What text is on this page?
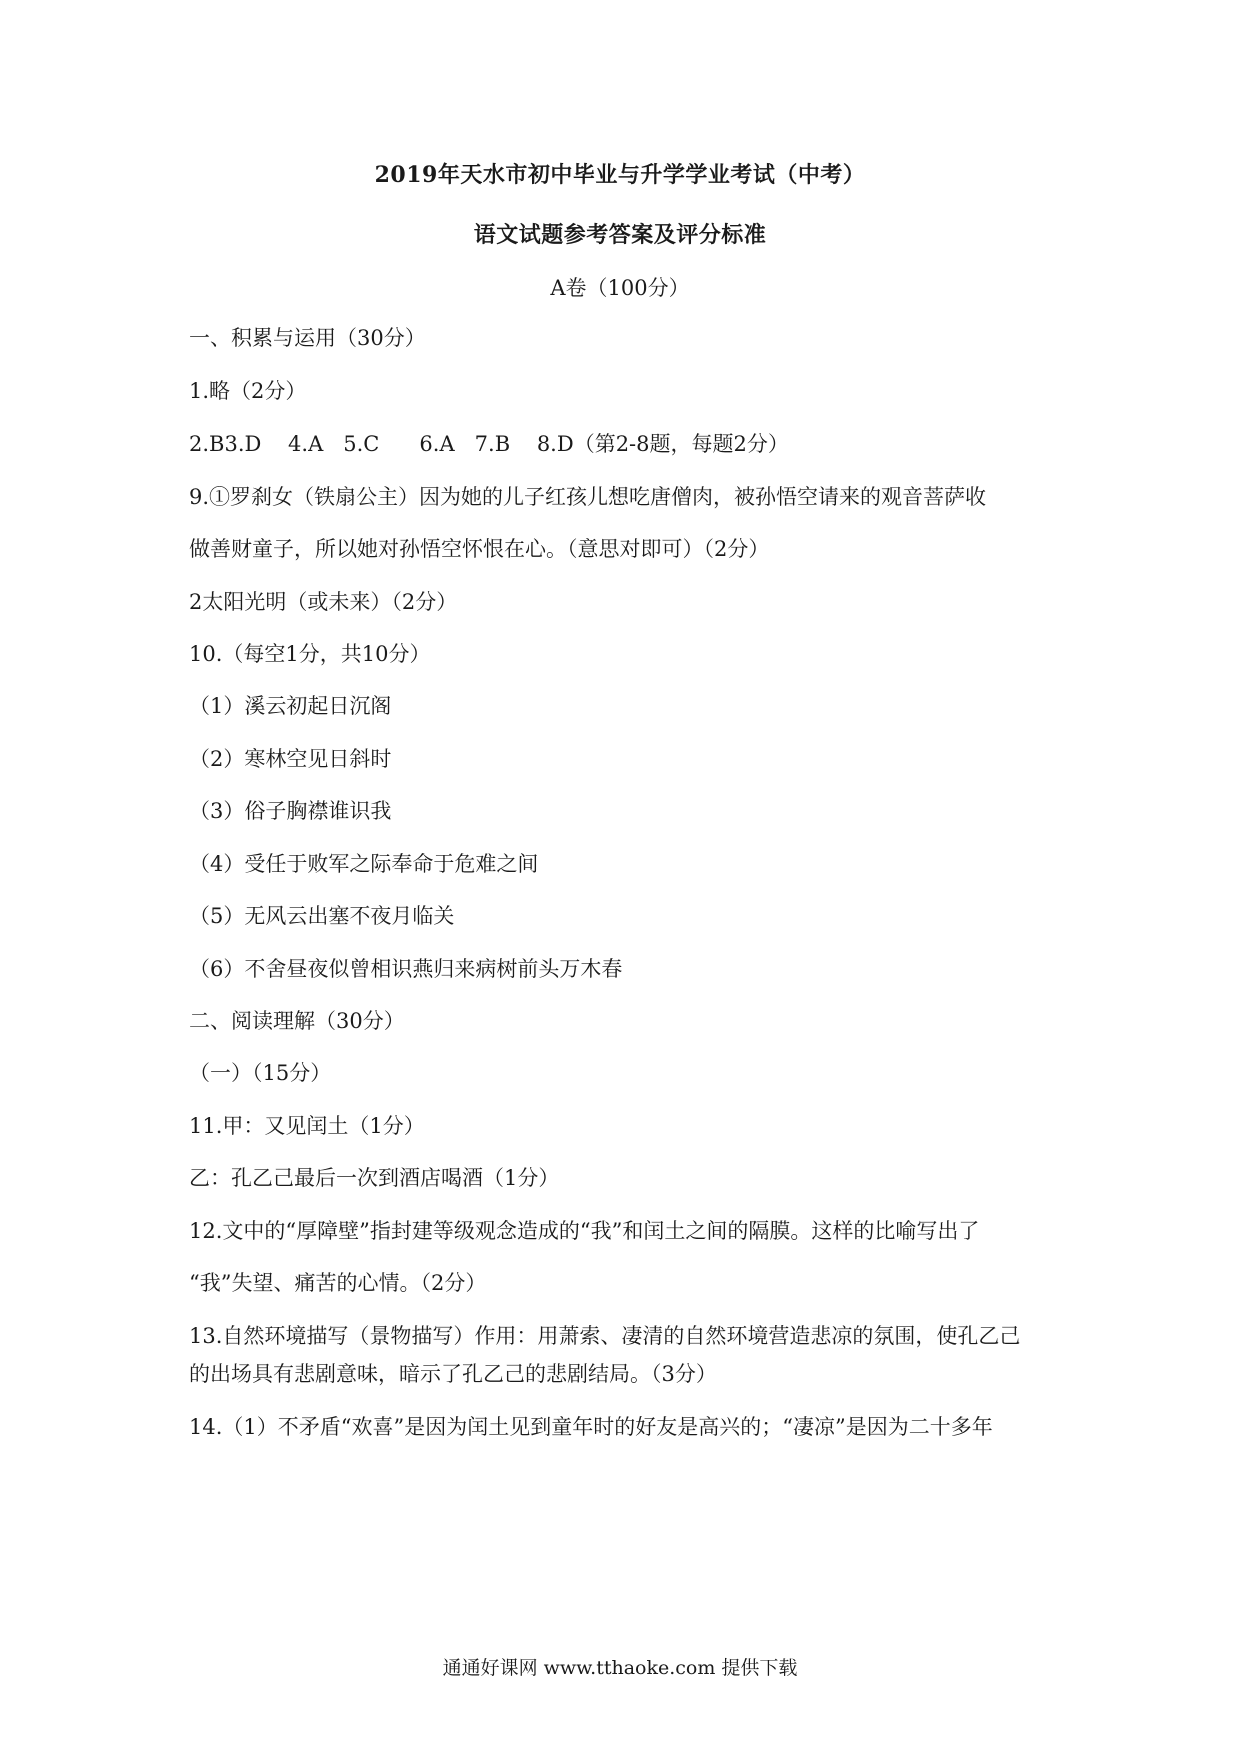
2019年天水市初中毕业与升学学业考试（中考）
语文试题参考答案及评分标准
A卷（100分）
一、积累与运用（30分）
1.略（2分）
2.B3.D    4.A   5.C      6.A   7.B    8.D（第2-8题，每题2分）
9.①罗刹女（铁扇公主）因为她的儿子红孩儿想吃唐僧肉，被孙悟空请来的观音菩萨收
做善财童子，所以她对孙悟空怀恨在心。（意思对即可）（2分）
2太阳光明（或未来）（2分）
10.（每空1分，共10分）
（1）溪云初起日沉阁
（2）寒林空见日斜时
（3）俗子胸襟谁识我
（4）受任于败军之际奉命于危难之间
（5）无风云出塞不夜月临关
（6）不舍昼夜似曾相识燕归来病树前头万木春
二、阅读理解（30分）
（一）（15分）
11.甲：又见闰土（1分）
乙：孔乙己最后一次到酒店喝酒（1分）
12.文中的“厚障壁”指封建等级观念造成的“我”和闰土之间的隔膜。这样的比喻写出了
“我”失望、痛苦的心情。（2分）
13.自然环境描写（景物描写）作用：用萧索、凄清的自然环境营造悲凉的氛围，使孔乙己
的出场具有悲剧意味，暗示了孔乙己的悲剧结局。（3分）
14.（1）不矛盾“欢喜”是因为闰土见到童年时的好友是高兴的；“凄凉”是因为二十多年
通通好课网 www.tthaoke.com 提供下载
